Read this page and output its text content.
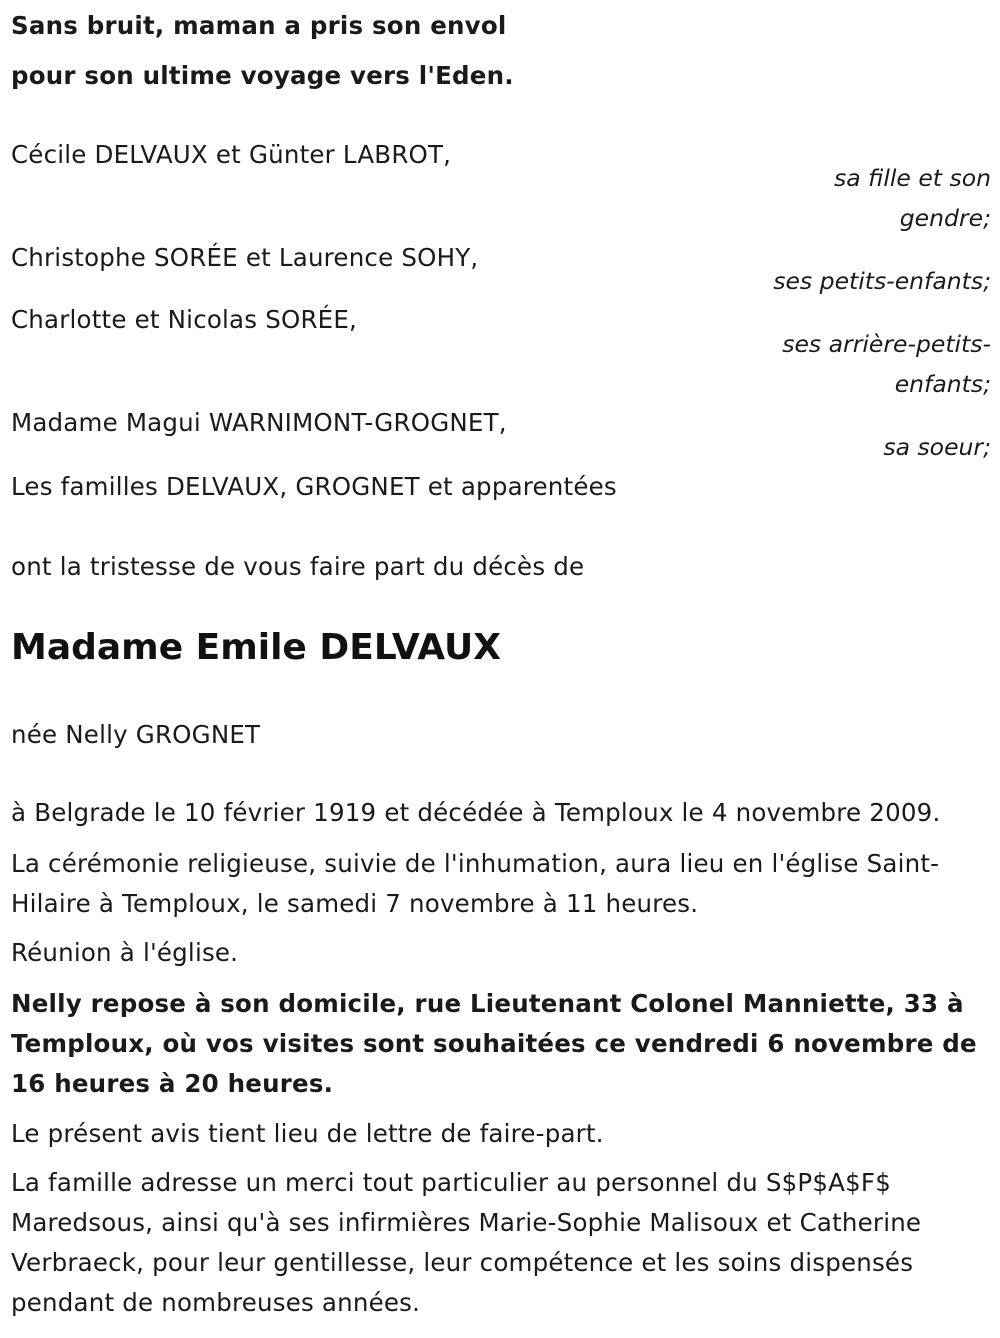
Sans bruit, maman a pris son envol
pour son ultime voyage vers l'Eden.
Cécile DELVAUX et Günter LABROT,
sa fille et son gendre;
Christophe SORÉE et Laurence SOHY,
ses petits-enfants;
Charlotte et Nicolas SORÉE,
ses arrière-petits-enfants;
Madame Magui WARNIMONT-GROGNET,
sa soeur;
Les familles DELVAUX, GROGNET et apparentées
ont la tristesse de vous faire part du décès de
Madame Emile DELVAUX
née Nelly GROGNET
à Belgrade le 10 février 1919 et décédée à Temploux le 4 novembre 2009.
La cérémonie religieuse, suivie de l'inhumation, aura lieu en l'église Saint-Hilaire à Temploux, le samedi 7 novembre à 11 heures.
Réunion à l'église.
Nelly repose à son domicile, rue Lieutenant Colonel Manniette, 33 à Temploux, où vos visites sont souhaitées ce vendredi 6 novembre de 16 heures à 20 heures.
Le présent avis tient lieu de lettre de faire-part.
La famille adresse un merci tout particulier au personnel du S$P$A$F$ Maredsous, ainsi qu'à ses infirmières Marie-Sophie Malisoux et Catherine Verbraeck, pour leur gentillesse, leur compétence et les soins dispensés pendant de nombreuses années.
